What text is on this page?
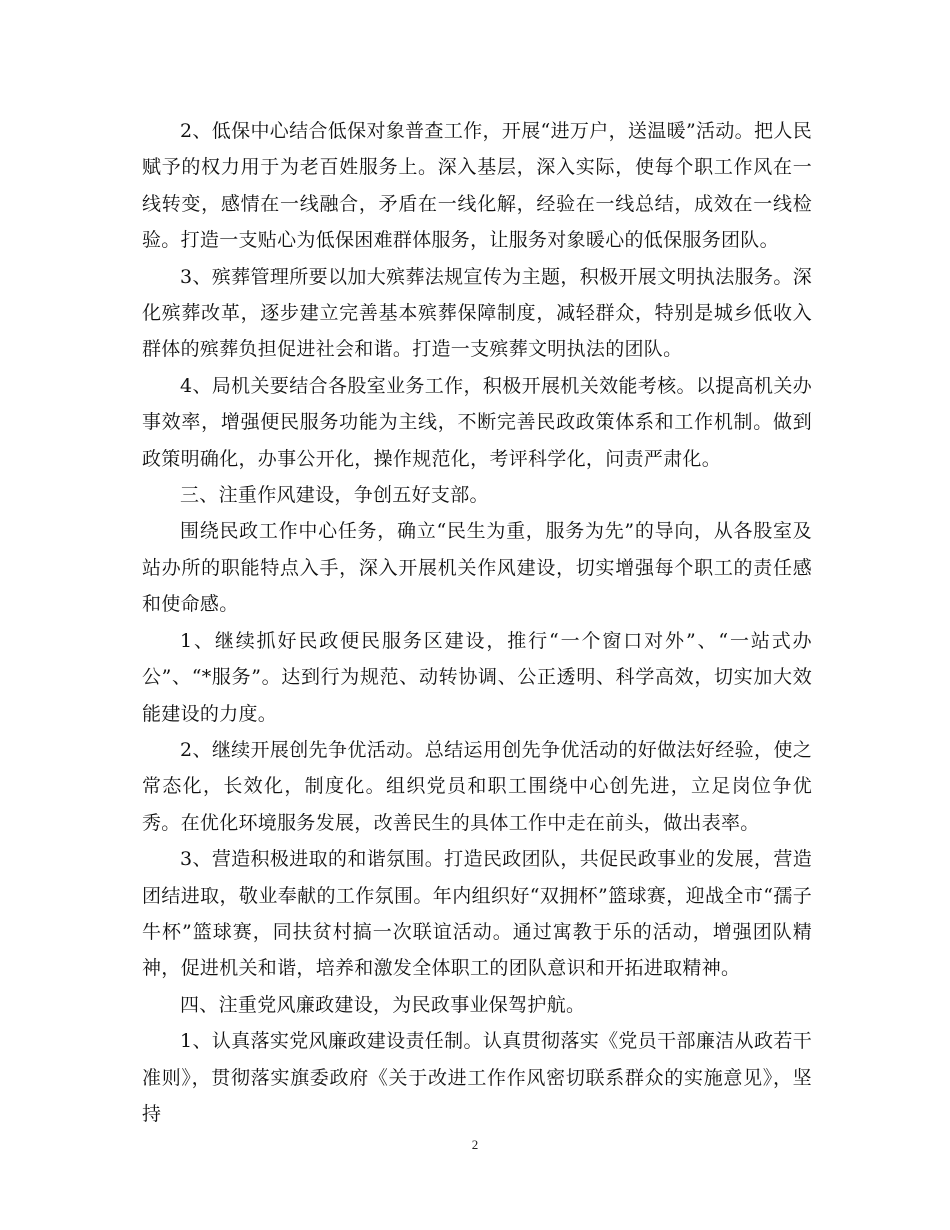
2、低保中心结合低保对象普查工作，开展“进万户，送温暖”活动。把人民赋予的权力用于为老百姓服务上。深入基层，深入实际，使每个职工作风在一线转变，感情在一线融合，矛盾在一线化解，经验在一线总结，成效在一线检验。打造一支贴心为低保困难群体服务，让服务对象暖心的低保服务团队。

3、殡葬管理所要以加大殡葬法规宣传为主题，积极开展文明执法服务。深化殡葬改革，逐步建立完善基本殡葬保障制度，减轻群众，特别是城乡低收入群体的殡葬负担促进社会和谐。打造一支殡葬文明执法的团队。

4、局机关要结合各股室业务工作，积极开展机关效能考核。以提高机关办事效率，增强便民服务功能为主线，不断完善民政政策体系和工作机制。做到政策明确化，办事公开化，操作规范化，考评科学化，问责严肃化。

三、注重作风建设，争创五好支部。

围绕民政工作中心任务，确立“民生为重，服务为先”的导向，从各股室及站办所的职能特点入手，深入开展机关作风建设，切实增强每个职工的责任感和使命感。

1、继续抓好民政便民服务区建设，推行“一个窗口对外”、“一站式办公”、“*服务”。达到行为规范、动转协调、公正透明、科学高效，切实加大效能建设的力度。

2、继续开展创先争优活动。总结运用创先争优活动的好做法好经验，使之常态化，长效化，制度化。组织党员和职工围绕中心创先进，立足岗位争优秀。在优化环境服务发展，改善民生的具体工作中走在前头，做出表率。

3、营造积极进取的和谐氛围。打造民政团队，共促民政事业的发展，营造团结进取，敬业奉献的工作氛围。年内组织好“双拥杯”篮球赛，迎战全市“孺子牛杯”篮球赛，同扶贫村搞一次联谊活动。通过寓教于乐的活动，增强团队精神，促进机关和谐，培养和激发全体职工的团队意识和开拓进取精神。

四、注重党风廉政建设，为民政事业保驾护航。

1、认真落实党风廉政建设责任制。认真贯彻落实《党员干部廉洁从政若干准则》，贯彻落实旗委政府《关于改进工作作风密切联系群众的实施意见》，坚持

2
